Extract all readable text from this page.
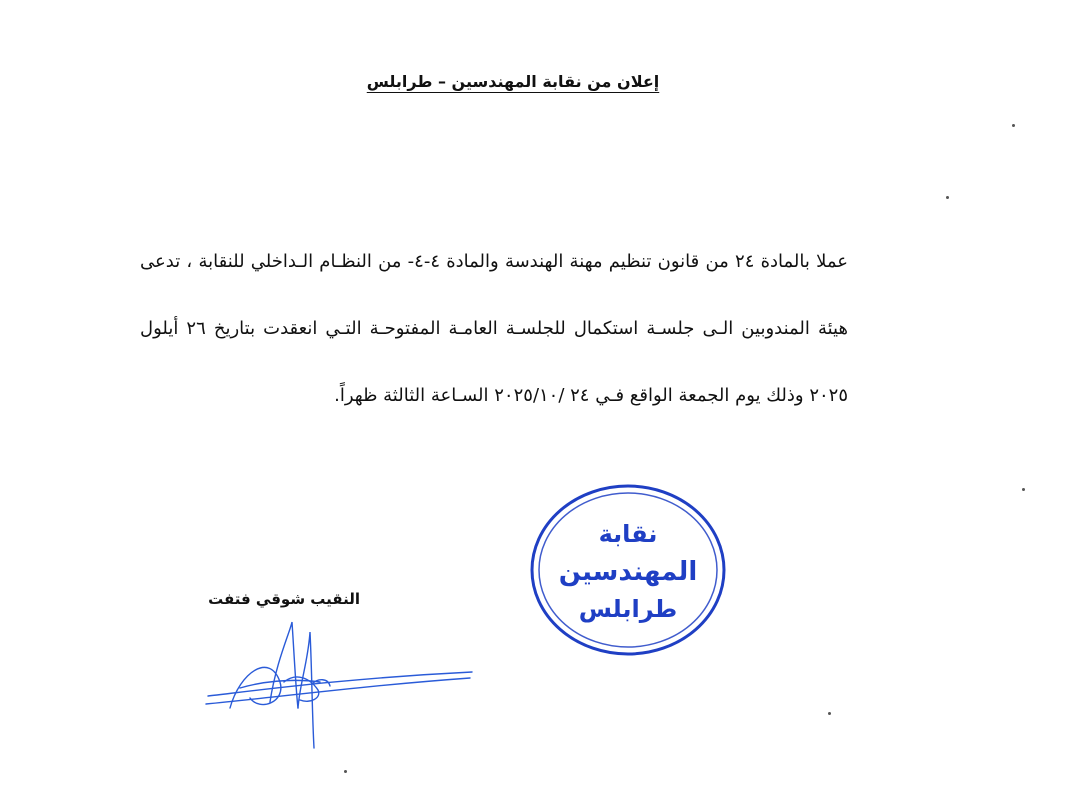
إعلان من نقابة المهندسين – طرابلس

عملا بالمادة ٢٤ من قانون تنظيم مهنة الهندسة والمادة ٤-٤- من النظـام الـداخلي للنقابة ، تدعى هيئة المندوبين الـى جلسـة استكمال للجلسـة العامـة المفتوحـة التـي انعقدت بتاريخ ٢٦ أيلول ٢٠٢٥ وذلك يوم الجمعة الواقع فـي ٢٤ /٢٠٢٥/١٠ السـاعة الثالثة ظهراً.

النقيب شوقي فتفت
نقابة
المهندسين
طرابلس
